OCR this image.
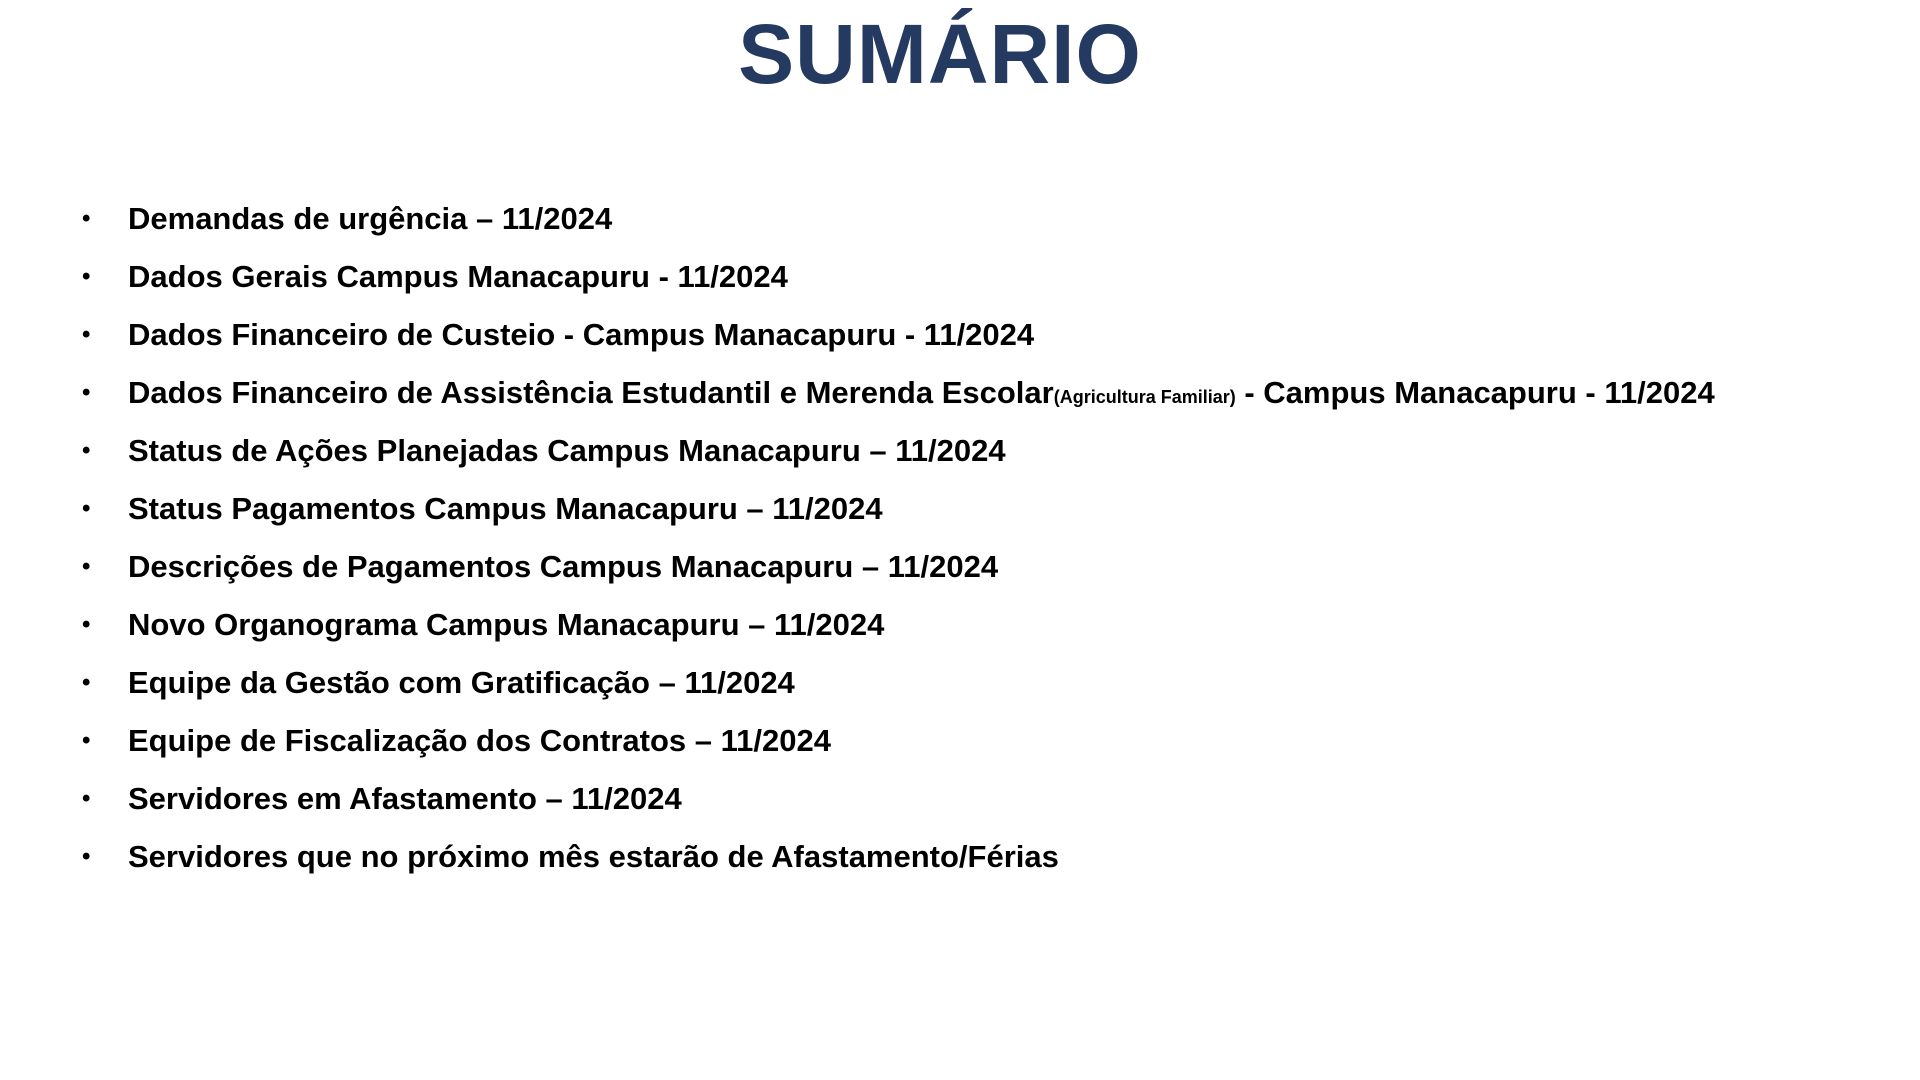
SUMÁRIO
• Demandas de urgência – 11/2024
• Dados Gerais Campus Manacapuru - 11/2024
• Dados Financeiro de Custeio - Campus Manacapuru - 11/2024
• Dados Financeiro de Assistência Estudantil e Merenda Escolar(Agricultura Familiar) - Campus Manacapuru - 11/2024
• Status de Ações Planejadas Campus Manacapuru – 11/2024
• Status Pagamentos Campus Manacapuru – 11/2024
• Descrições de Pagamentos Campus Manacapuru – 11/2024
• Novo Organograma Campus Manacapuru – 11/2024
• Equipe da Gestão com Gratificação – 11/2024
• Equipe de Fiscalização dos Contratos – 11/2024
• Servidores em Afastamento – 11/2024
• Servidores que no próximo mês estarão de Afastamento/Férias
